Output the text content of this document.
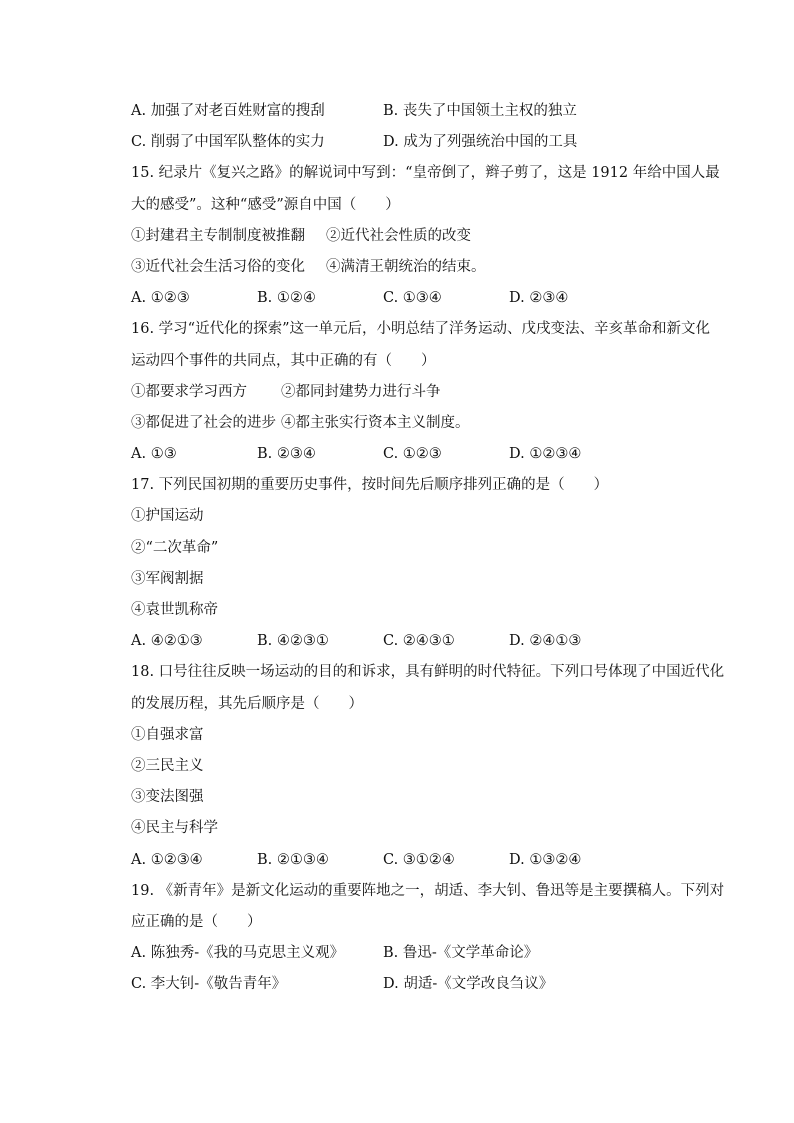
A. 加强了对老百姓财富的搜刮	B. 丧失了中国领土主权的独立
C. 削弱了中国军队整体的实力	D. 成为了列强统治中国的工具
15. 纪录片《复兴之路》的解说词中写到：“皇帝倒了，辫子剪了，这是 1912 年给中国人最
大的感受”。这种“感受”源自中国（　　）
①封建君主专制制度被推翻 ②近代社会性质的改变
③近代社会生活习俗的变化 ④满清王朝统治的结束。
A. ①②③	B. ①②④	C. ①③④	D. ②③④
16. 学习“近代化的探索”这一单元后，小明总结了洋务运动、戊戌变法、辛亥革命和新文化
运动四个事件的共同点，其中正确的有（　　）
①都要求学习西方 ②都同封建势力进行斗争
③都促进了社会的进步 ④都主张实行资本主义制度。
A. ①③	B. ②③④	C. ①②③	D. ①②③④
17. 下列民国初期的重要历史事件，按时间先后顺序排列正确的是（　　）
①护国运动
②“二次革命”
③军阀割据
④袁世凯称帝
A. ④②①③	B. ④②③①	C. ②④③①	D. ②④①③
18. 口号往往反映一场运动的目的和诉求，具有鲜明的时代特征。下列口号体现了中国近代化
的发展历程，其先后顺序是（　　）
①自强求富
②三民主义
③变法图强
④民主与科学
A. ①②③④	B. ②①③④	C. ③①②④	D. ①③②④
19. 《新青年》是新文化运动的重要阵地之一，胡适、李大钊、鲁迅等是主要撰稿人。下列对
应正确的是（　　）
A. 陈独秀-《我的马克思主义观》	B. 鲁迅-《文学革命论》
C. 李大钊-《敬告青年》	D. 胡适-《文学改良刍议》
